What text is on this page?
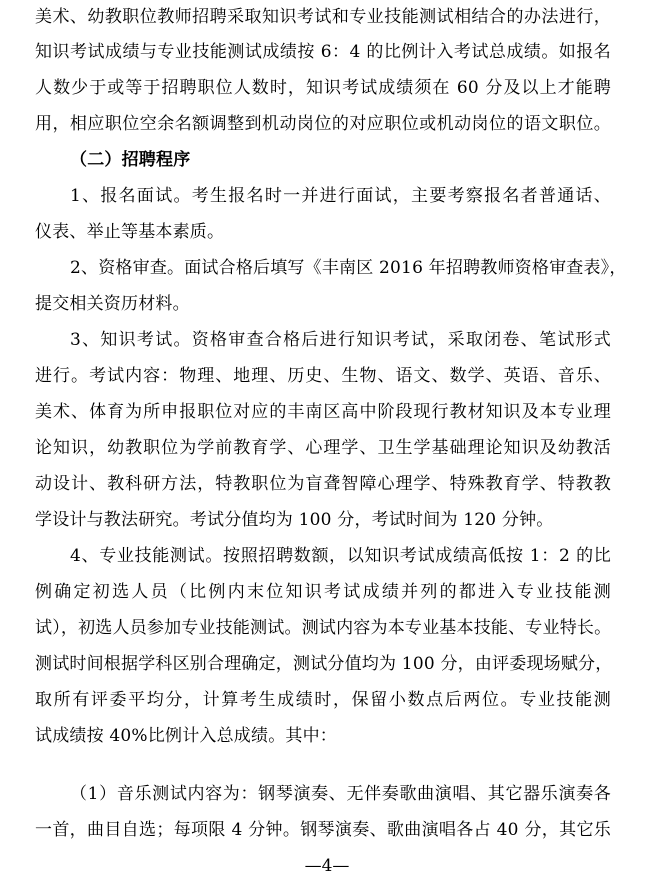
美术、幼教职位教师招聘采取知识考试和专业技能测试相结合的办法进行，
知识考试成绩与专业技能测试成绩按 6：4 的比例计入考试总成绩。如报名
人数少于或等于招聘职位人数时，知识考试成绩须在 60 分及以上才能聘
用，相应职位空余名额调整到机动岗位的对应职位或机动岗位的语文职位。
（二）招聘程序
1、报名面试。考生报名时一并进行面试，主要考察报名者普通话、
仪表、举止等基本素质。
2、资格审查。面试合格后填写《丰南区 2016 年招聘教师资格审查表》，
提交相关资历材料。
3、知识考试。资格审查合格后进行知识考试，采取闭卷、笔试形式
进行。考试内容：物理、地理、历史、生物、语文、数学、英语、音乐、
美术、体育为所申报职位对应的丰南区高中阶段现行教材知识及本专业理
论知识，幼教职位为学前教育学、心理学、卫生学基础理论知识及幼教活
动设计、教科研方法，特教职位为盲聋智障心理学、特殊教育学、特教教
学设计与教法研究。考试分值均为 100 分，考试时间为 120 分钟。
4、专业技能测试。按照招聘数额，以知识考试成绩高低按 1：2 的比
例确定初选人员（比例内末位知识考试成绩并列的都进入专业技能测
试），初选人员参加专业技能测试。测试内容为本专业基本技能、专业特长。
测试时间根据学科区别合理确定，测试分值均为 100 分，由评委现场赋分，
取所有评委平均分，计算考生成绩时，保留小数点后两位。专业技能测
试成绩按 40%比例计入总成绩。其中：
（1）音乐测试内容为：钢琴演奏、无伴奏歌曲演唱、其它器乐演奏各
一首，曲目自选；每项限 4 分钟。钢琴演奏、歌曲演唱各占 40 分，其它乐
—4—
